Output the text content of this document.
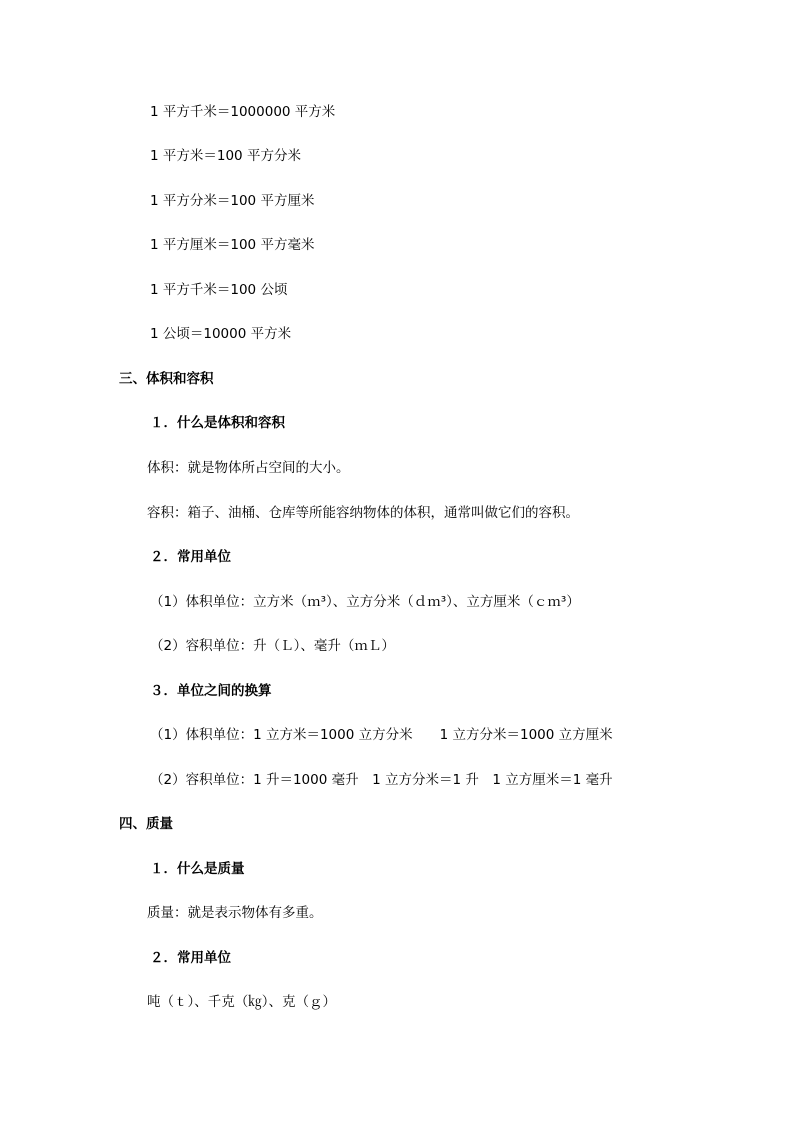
1 平方千米＝1000000 平方米
1 平方米＝100 平方分米
1 平方分米＝100 平方厘米
1 平方厘米＝100 平方毫米
1 平方千米＝100 公顷
1 公顷＝10000 平方米
三、体积和容积
１．什么是体积和容积
体积：就是物体所占空间的大小。
容积：箱子、油桶、仓库等所能容纳物体的体积，通常叫做它们的容积。
２．常用单位
（1）体积单位：立方米（ｍ³）、立方分米（ｄｍ³）、立方厘米（ｃｍ³）
（2）容积单位：升（Ｌ）、毫升（ｍＬ）
３．单位之间的换算
（1）体积单位：1 立方米＝1000 立方分米　　1 立方分米＝1000 立方厘米
（2）容积单位：1 升＝1000 毫升　1 立方分米＝1 升　1 立方厘米＝1 毫升
四、质量
１．什么是质量
质量：就是表示物体有多重。
２．常用单位
吨（ｔ）、千克（㎏）、克（ｇ）
